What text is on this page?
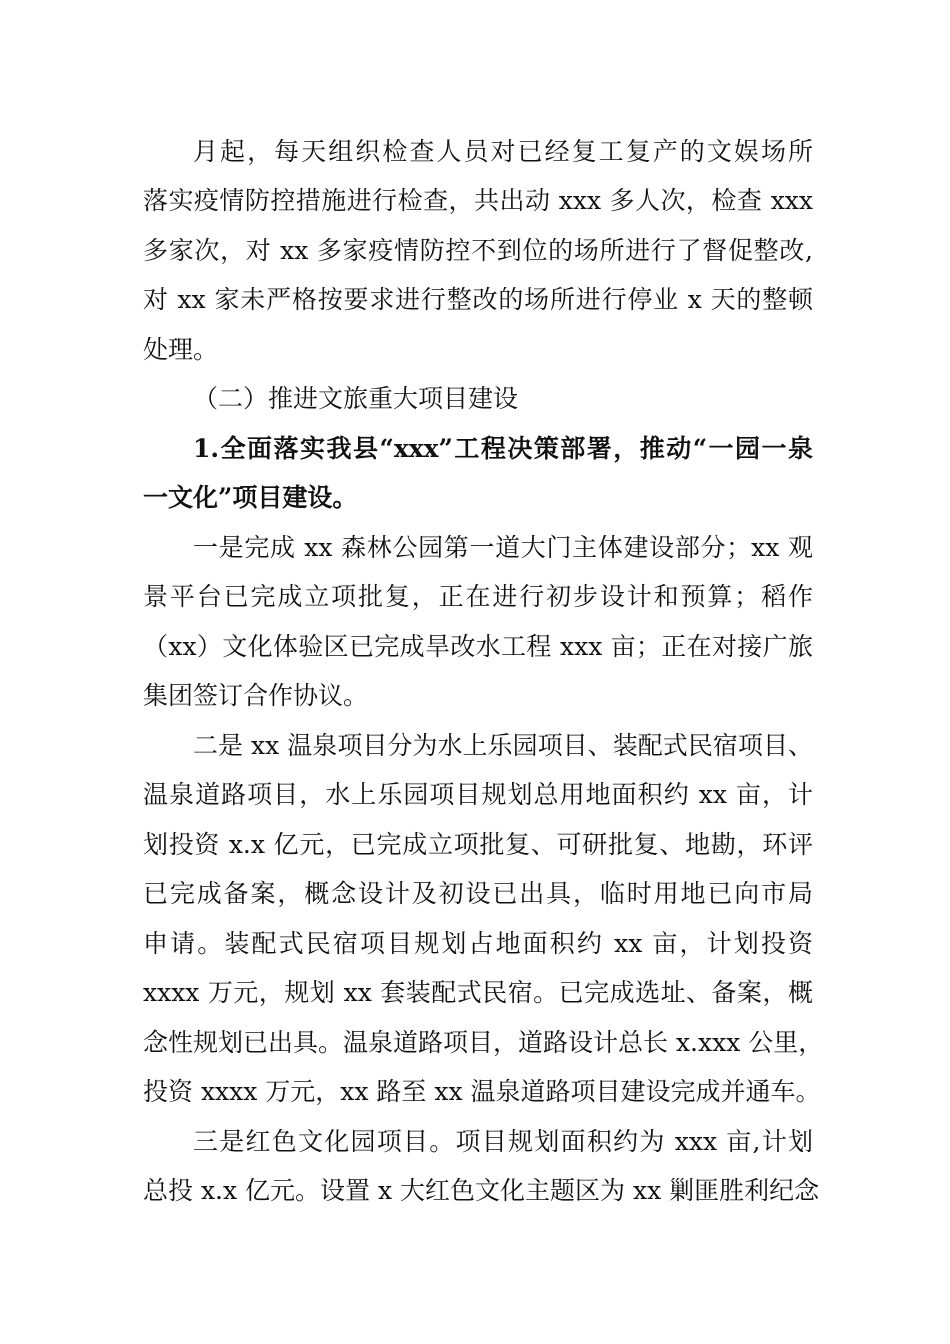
月起，每天组织检查人员对已经复工复产的文娱场所
落实疫情防控措施进行检查，共出动 xxx 多人次，检查 xxx
多家次，对 xx 多家疫情防控不到位的场所进行了督促整改,
对 xx 家未严格按要求进行整改的场所进行停业 x 天的整顿
处理。
（二）推进文旅重大项目建设
1.全面落实我县“xxx”工程决策部署，推动“一园一泉
一文化”项目建设。
一是完成 xx 森林公园第一道大门主体建设部分；xx 观
景平台已完成立项批复，正在进行初步设计和预算；稻作
（xx）文化体验区已完成旱改水工程 xxx 亩；正在对接广旅
集团签订合作协议。
二是 xx 温泉项目分为水上乐园项目、装配式民宿项目、
温泉道路项目，水上乐园项目规划总用地面积约 xx 亩，计
划投资 x.x 亿元，已完成立项批复、可研批复、地勘，环评
已完成备案，概念设计及初设已出具，临时用地已向市局
申请。装配式民宿项目规划占地面积约 xx 亩，计划投资
xxxx 万元，规划 xx 套装配式民宿。已完成选址、备案，概
念性规划已出具。温泉道路项目，道路设计总长 x.xxx 公里，
投资 xxxx 万元，xx 路至 xx 温泉道路项目建设完成并通车。
三是红色文化园项目。项目规划面积约为 xxx 亩,计划
总投 x.x 亿元。设置 x 大红色文化主题区为 xx 剿匪胜利纪念
